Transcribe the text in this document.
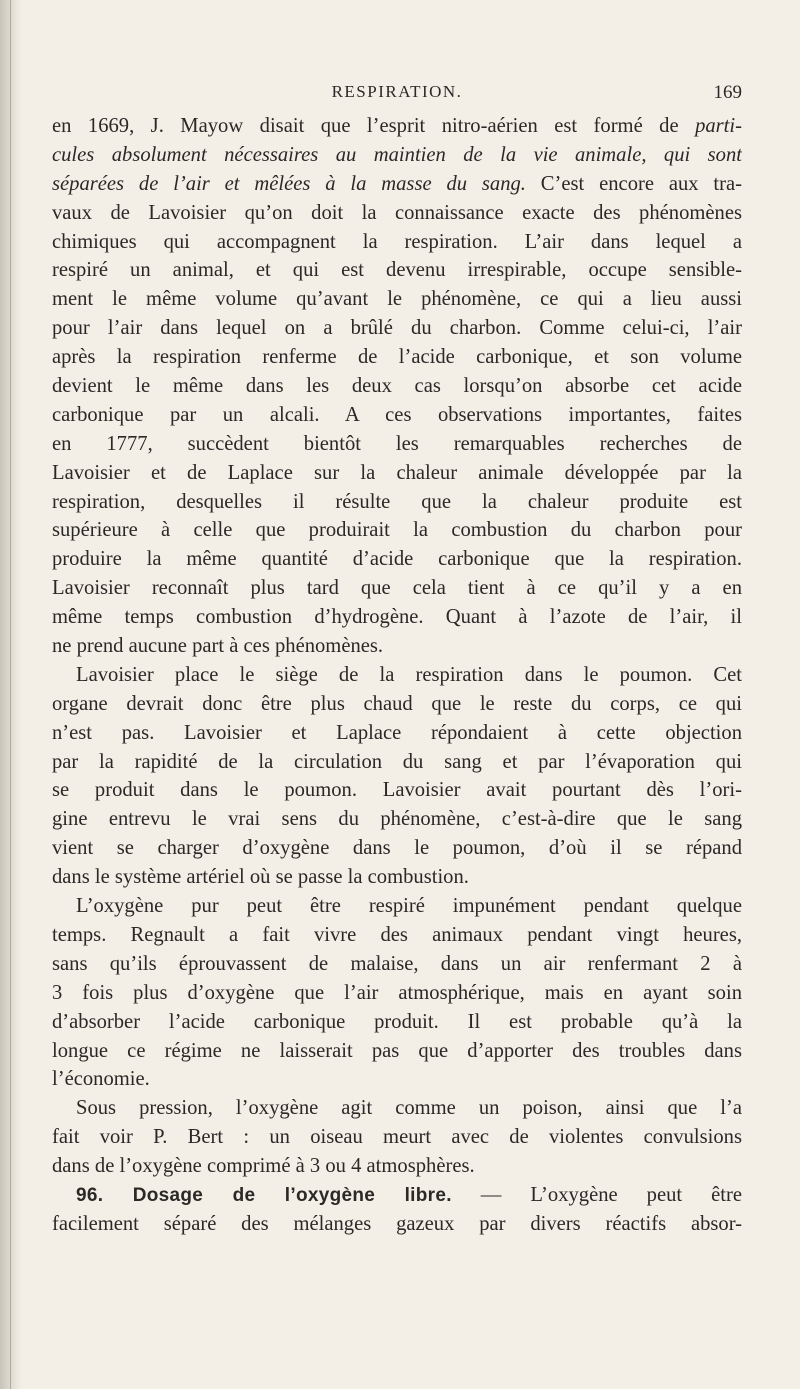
RESPIRATION.	169
en 1669, J. Mayow disait que l’esprit nitro-aérien est formé de parti-
cules absolument nécessaires au maintien de la vie animale, qui sont
séparées de l’air et mêlées à la masse du sang. C’est encore aux tra-
vaux de Lavoisier qu’on doit la connaissance exacte des phénomènes
chimiques qui accompagnent la respiration. L’air dans lequel a
respiré un animal, et qui est devenu irrespirable, occupe sensible-
ment le même volume qu’avant le phénomène, ce qui a lieu aussi
pour l’air dans lequel on a brûlé du charbon. Comme celui-ci, l’air
après la respiration renferme de l’acide carbonique, et son volume
devient le même dans les deux cas lorsqu’on absorbe cet acide
carbonique par un alcali. A ces observations importantes, faites
en 1777, succèdent bientôt les remarquables recherches de
Lavoisier et de Laplace sur la chaleur animale développée par la
respiration, desquelles il résulte que la chaleur produite est
supérieure à celle que produirait la combustion du charbon pour
produire la même quantité d’acide carbonique que la respiration.
Lavoisier reconnaît plus tard que cela tient à ce qu’il y a en
même temps combustion d’hydrogène. Quant à l’azote de l’air, il
ne prend aucune part à ces phénomènes.
Lavoisier place le siège de la respiration dans le poumon. Cet
organe devrait donc être plus chaud que le reste du corps, ce qui
n’est pas. Lavoisier et Laplace répondaient à cette objection
par la rapidité de la circulation du sang et par l’évaporation qui
se produit dans le poumon. Lavoisier avait pourtant dès l’ori-
gine entrevu le vrai sens du phénomène, c’est-à-dire que le sang
vient se charger d’oxygène dans le poumon, d’où il se répand
dans le système artériel où se passe la combustion.
L’oxygène pur peut être respiré impunément pendant quelque
temps. Regnault a fait vivre des animaux pendant vingt heures,
sans qu’ils éprouvassent de malaise, dans un air renfermant 2 à
3 fois plus d’oxygène que l’air atmosphérique, mais en ayant soin
d’absorber l’acide carbonique produit. Il est probable qu’à la
longue ce régime ne laisserait pas que d’apporter des troubles dans
l’économie.
Sous pression, l’oxygène agit comme un poison, ainsi que l’a
fait voir P. Bert : un oiseau meurt avec de violentes convulsions
dans de l’oxygène comprimé à 3 ou 4 atmosphères.
96. Dosage de l’oxygène libre. — L’oxygène peut être
facilement séparé des mélanges gazeux par divers réactifs absor-
